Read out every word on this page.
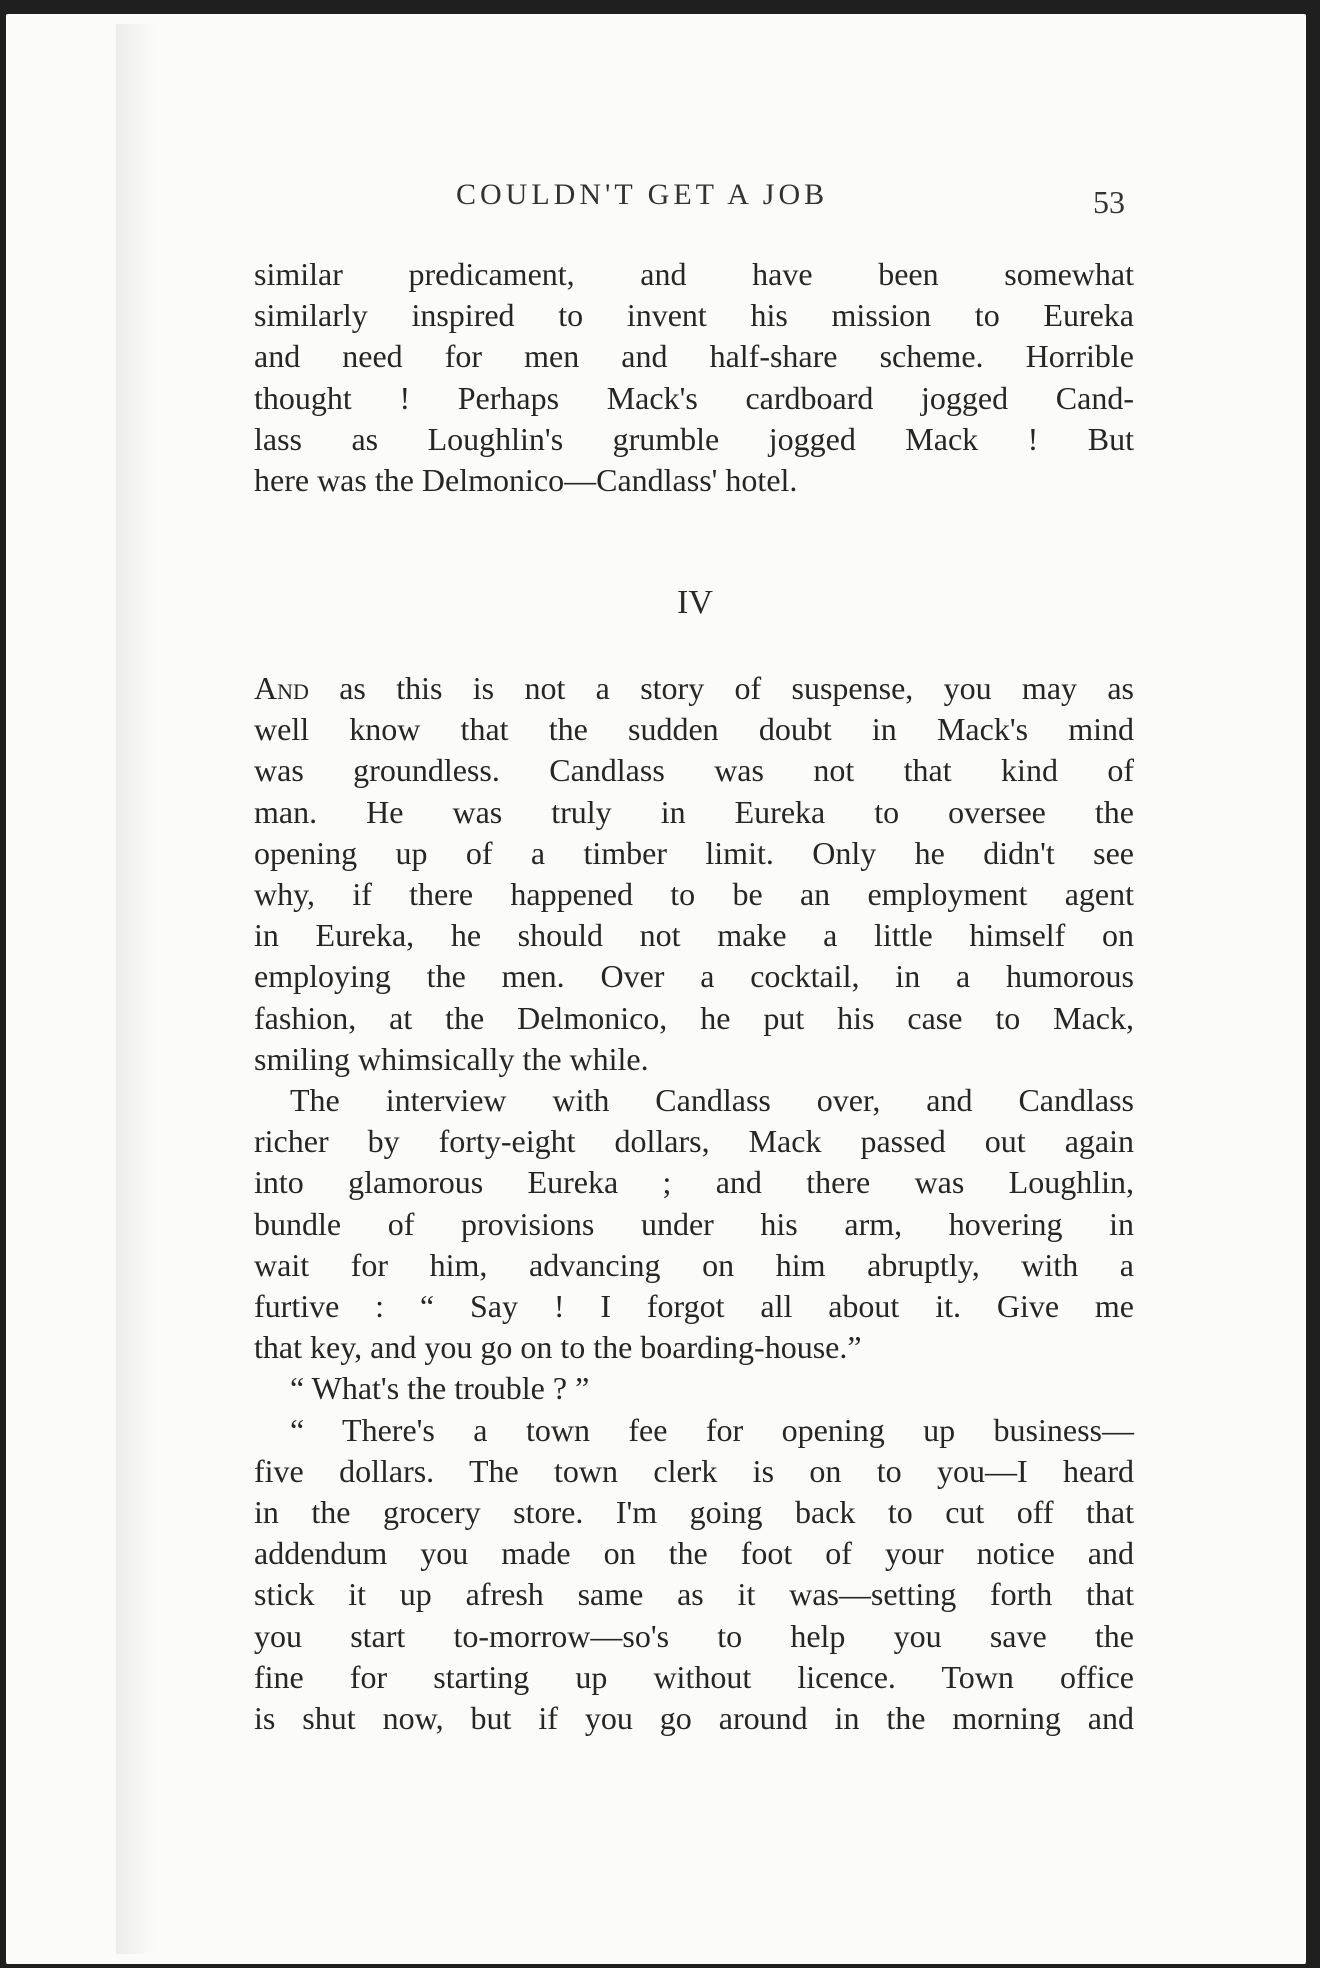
COULDN'T GET A JOB	53
similar predicament, and have been somewhat
similarly inspired to invent his mission to Eureka
and need for men and half-share scheme. Horrible
thought ! Perhaps Mack's cardboard jogged Cand-
lass as Loughlin's grumble jogged Mack ! But
here was the Delmonico—Candlass' hotel.
IV
And as this is not a story of suspense, you may as
well know that the sudden doubt in Mack's mind
was groundless. Candlass was not that kind of
man. He was truly in Eureka to oversee the
opening up of a timber limit. Only he didn't see
why, if there happened to be an employment agent
in Eureka, he should not make a little himself on
employing the men. Over a cocktail, in a humorous
fashion, at the Delmonico, he put his case to Mack,
smiling whimsically the while.
The interview with Candlass over, and Candlass
richer by forty-eight dollars, Mack passed out again
into glamorous Eureka ; and there was Loughlin,
bundle of provisions under his arm, hovering in
wait for him, advancing on him abruptly, with a
furtive : “ Say ! I forgot all about it. Give me
that key, and you go on to the boarding-house.”
“ What's the trouble ? ”
“ There's a town fee for opening up business—
five dollars. The town clerk is on to you—I heard
in the grocery store. I'm going back to cut off that
addendum you made on the foot of your notice and
stick it up afresh same as it was—setting forth that
you start to-morrow—so's to help you save the
fine for starting up without licence. Town office
is shut now, but if you go around in the morning and
